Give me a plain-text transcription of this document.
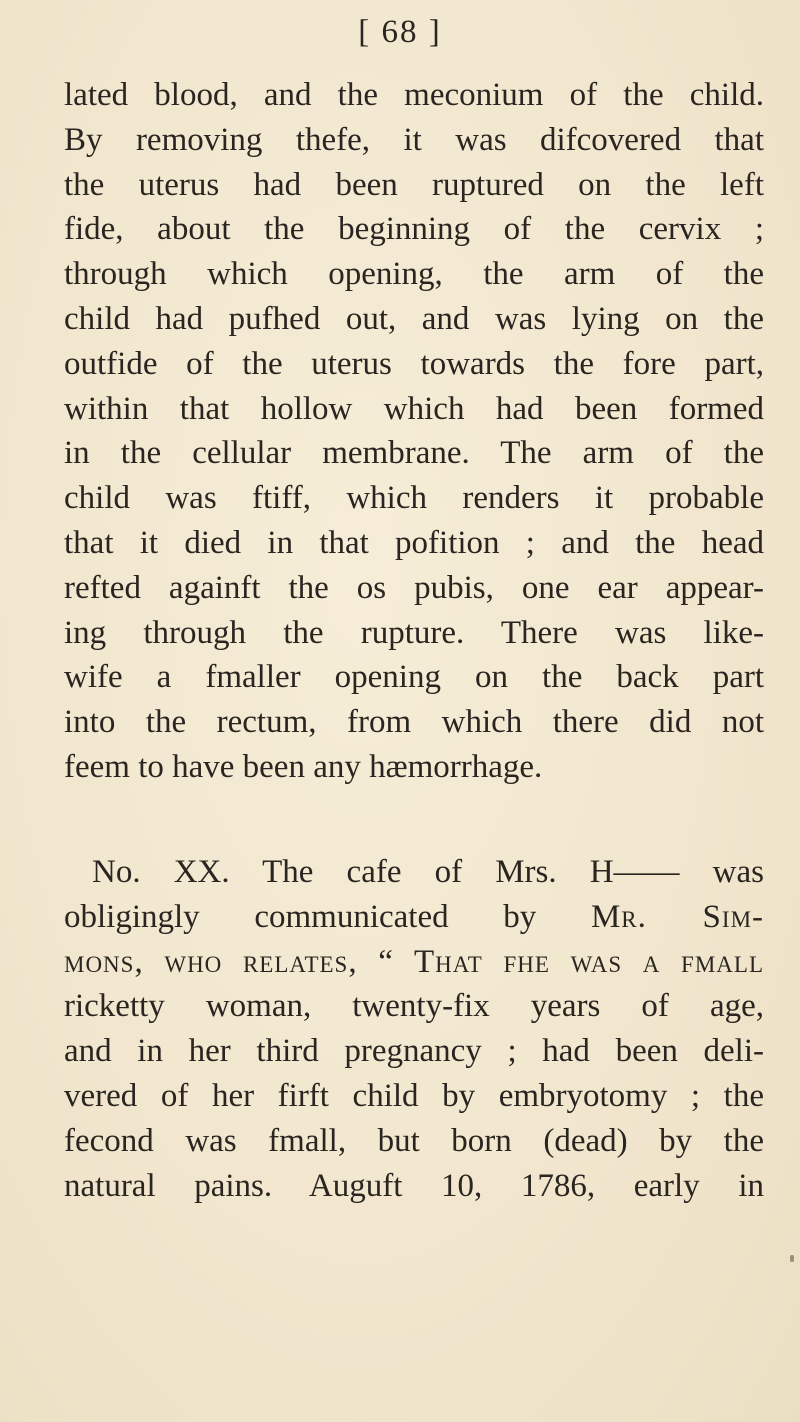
[ 68 ]
lated blood, and the meconium of the child.
By removing thefe, it was difcovered that
the uterus had been ruptured on the left
fide, about the beginning of the cervix ;
through which opening, the arm of the
child had pufhed out, and was lying on the
outfide of the uterus towards the fore part,
within that hollow which had been formed
in the cellular membrane. The arm of the
child was ftiff, which renders it probable
that it died in that pofition ; and the head
refted againft the os pubis, one ear appear-
ing through the rupture. There was like-
wife a fmaller opening on the back part
into the rectum, from which there did not
feem to have been any hæmorrhage.
No. XX. The cafe of Mrs. H—— was
obligingly communicated by Mr. Sim-
mons, who relates, “ That fhe was a fmall
ricketty woman, twenty-fix years of age,
and in her third pregnancy ; had been deli-
vered of her firft child by embryotomy ; the
fecond was fmall, but born (dead) by the
natural pains. Auguft 10, 1786, early in
